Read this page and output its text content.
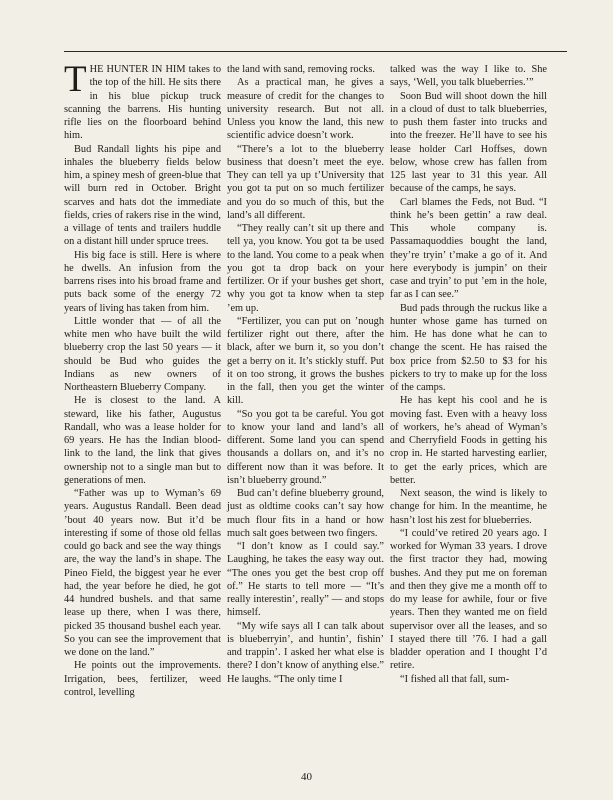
THE HUNTER IN HIM takes to the top of the hill. He sits there in his blue pickup truck scanning the barrens. His hunting rifle lies on the floorboard behind him.

Bud Randall lights his pipe and inhales the blueberry fields below him, a spiney mesh of green-blue that will burn red in October. Bright scarves and hats dot the immediate fields, cries of rakers rise in the wind, a village of tents and trailers huddle on a distant hill under spruce trees.

His big face is still. Here is where he dwells. An infusion from the barrens rises into his broad frame and puts back some of the energy 72 years of living has taken from him.

Little wonder that — of all the white men who have built the wild blueberry crop the last 50 years — it should be Bud who guides the Indians as new owners of Northeastern Blueberry Company.

He is closest to the land. A steward, like his father, Augustus Randall, who was a lease holder for 69 years. He has the Indian blood-link to the land, the link that gives ownership not to a single man but to generations of men.

“Father was up to Wyman’s 69 years. Augustus Randall. Been dead ’bout 40 years now. But it’d be interesting if some of those old fellas could go back and see the way things are, the way the land’s in shape. The Pineo Field, the biggest year he ever had, the year before he died, he got 44 hundred bushels. and that same lease up there, when I was there, picked 35 thousand bushel each year. So you can see the improvement that we done on the land.”

He points out the improvements. Irrigation, bees, fertilizer, weed control, levelling

the land with sand, removing rocks.

As a practical man, he gives a measure of credit for the changes to university research. But not all. Unless you know the land, this new scientific advice doesn’t work.

“There’s a lot to the blueberry business that doesn’t meet the eye. They can tell ya up t’University that you got ta put on so much fertilizer and you do so much of this, but the land’s all different.

“They really can’t sit up there and tell ya, you know. You got ta be used to the land. You come to a peak when you got ta drop back on your fertilizer. Or if your bushes get short, why you got ta know when ta step ’em up.

“Fertilizer, you can put on ’nough fertilizer right out there, after the black, after we burn it, so you don’t get a berry on it. It’s stickly stuff. Put it on too strong, it grows the bushes in the fall, then you get the winter kill.

“So you got ta be careful. You got to know your land and land’s all different. Some land you can spend thousands a dollars on, and it’s no different now than it was before. It isn’t blueberry ground.”

Bud can’t define blueberry ground, just as oldtime cooks can’t say how much flour fits in a hand or how much salt goes between two fingers.

“I don’t know as I could say.” Laughing, he takes the easy way out. “The ones you get the best crop off of.” He starts to tell more — “It’s really interestin’, really” — and stops himself.

“My wife says all I can talk about is blueberryin’, and huntin’, fishin’ and trappin’. I asked her what else is there? I don’t know of anything else.” He laughs. “The only time I

talked was the way I like to. She says, ‘Well, you talk blueberries.’”

Soon Bud will shoot down the hill in a cloud of dust to talk blueberries, to push them faster into trucks and into the freezer. He’ll have to see his lease holder Carl Hoffses, down below, whose crew has fallen from 125 last year to 31 this year. All because of the camps, he says.

Carl blames the Feds, not Bud. “I think he’s been gettin’ a raw deal. This whole company is. Passamaquoddies bought the land, they’re tryin’ t’make a go of it. And here everybody is jumpin’ on their case and tryin’ to put ’em in the hole, far as I can see.”

Bud pads through the ruckus like a hunter whose game has turned on him. He has done what he can to change the scent. He has raised the box price from $2.50 to $3 for his pickers to try to make up for the loss of the camps.

He has kept his cool and he is moving fast. Even with a heavy loss of workers, he’s ahead of Wyman’s and Cherryfield Foods in getting his crop in. He started harvesting earlier, to get the early prices, which are better.

Next season, the wind is likely to change for him. In the meantime, he hasn’t lost his zest for blueberries.

“I could’ve retired 20 years ago. I worked for Wyman 33 years. I drove the first tractor they had, mowing bushes. And they put me on foreman and then they give me a month off to do my lease for awhile, four or five years. Then they wanted me on field supervisor over all the leases, and so I stayed there till ’76. I had a gall bladder operation and I thought I’d retire.

“I fished all that fall, sum-

40
